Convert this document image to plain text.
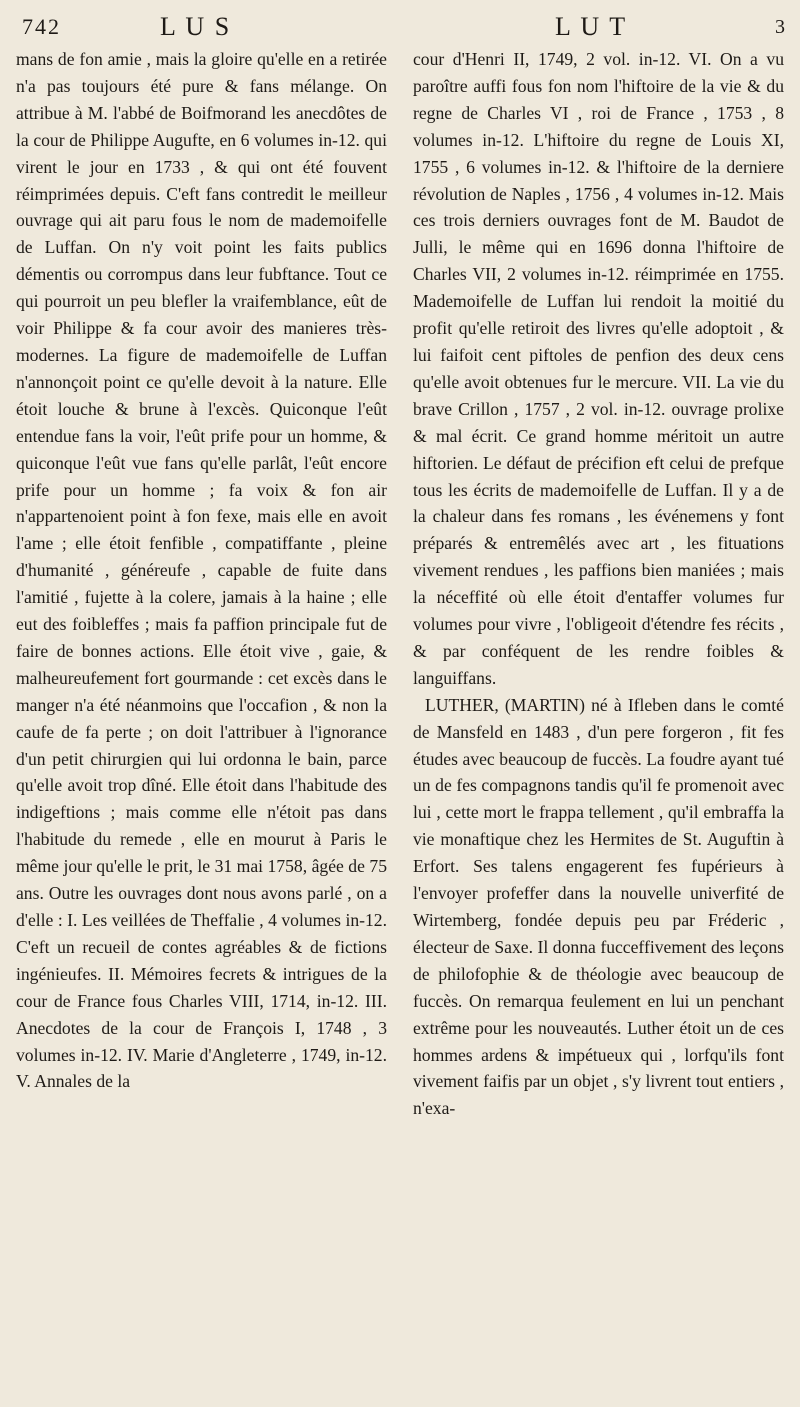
742	L U S	L U T	3

mans de fon amie , mais la gloire qu'elle en a retirée n'a pas toujours été pure & fans mélange. On attribue à M. l'abbé de Boifmorand les anecdôtes de la cour de Philippe Augufte, en 6 volumes in-12. qui virent le jour en 1733 , & qui ont été fouvent réimprimées depuis. C'eft fans contredit le meilleur ouvrage qui ait paru fous le nom de mademoifelle de Luffan. On n'y voit point les faits publics démentis ou corrompus dans leur fubftance. Tout ce qui pourroit un peu blefler la vraifemblance, eût de voir Philippe & fa cour avoir des manieres très-modernes. La figure de mademoifelle de Luffan n'annonçoit point ce qu'elle devoit à la nature. Elle étoit louche & brune à l'excès. Quiconque l'eût entendue fans la voir, l'eût prife pour un homme, & quiconque l'eût vue fans qu'elle parlât, l'eût encore prife pour un homme ; fa voix & fon air n'appartenoient point à fon fexe, mais elle en avoit l'ame ; elle étoit fenfible , compatiffante , pleine d'humanité , généreufe , capable de fuite dans l'amitié , fujette à la colere, jamais à la haine ; elle eut des foibleffes ; mais fa paffion principale fut de faire de bonnes actions. Elle étoit vive , gaie, & malheureufement fort gourmande : cet excès dans le manger n'a été néanmoins que l'occafion , & non la caufe de fa perte ; on doit l'attribuer à l'ignorance d'un petit chirurgien qui lui ordonna le bain, parce qu'elle avoit trop dîné. Elle étoit dans l'habitude des indigeftions ; mais comme elle n'étoit pas dans l'habitude du remede , elle en mourut à Paris le même jour qu'elle le prit, le 31 mai 1758, âgée de 75 ans. Outre les ouvrages dont nous avons parlé , on a d'elle : I. Les veillées de Theffalie , 4 volumes in-12. C'eft un recueil de contes agréables & de fictions ingénieufes. II. Mémoires fecrets & intrigues de la cour de France fous Charles VIII, 1714, in-12. III. Anecdotes de la cour de François I, 1748 , 3 volumes in-12. IV. Marie d'Angleterre , 1749, in-12. V. Annales de la

cour d'Henri II, 1749, 2 vol. in-12. VI. On a vu paroître auffi fous fon nom l'hiftoire de la vie & du regne de Charles VI , roi de France , 1753 , 8 volumes in-12. L'hiftoire du regne de Louis XI, 1755 , 6 volumes in-12. & l'hiftoire de la derniere révolution de Naples , 1756 , 4 volumes in-12. Mais ces trois derniers ouvrages font de M. Baudot de Julli, le même qui en 1696 donna l'hiftoire de Charles VII, 2 volumes in-12. réimprimée en 1755. Mademoifelle de Luffan lui rendoit la moitié du profit qu'elle retiroit des livres qu'elle adoptoit , & lui faifoit cent piftoles de penfion des deux cens qu'elle avoit obtenues fur le mercure. VII. La vie du brave Crillon , 1757 , 2 vol. in-12. ouvrage prolixe & mal écrit. Ce grand homme méritoit un autre hiftorien. Le défaut de précifion eft celui de prefque tous les écrits de mademoifelle de Luffan. Il y a de la chaleur dans fes romans , les événemens y font préparés & entremêlés avec art , les fituations vivement rendues , les paffions bien maniées ; mais la néceffité où elle étoit d'entaffer volumes fur volumes pour vivre , l'obligeoit d'étendre fes récits , & par conféquent de les rendre foibles & languiffans.

LUTHER, (MARTIN) né à Ifleben dans le comté de Mansfeld en 1483 , d'un pere forgeron , fit fes études avec beaucoup de fuccès. La foudre ayant tué un de fes compagnons tandis qu'il fe promenoit avec lui , cette mort le frappa tellement , qu'il embraffa la vie monaftique chez les Hermites de St. Auguftin à Erfort. Ses talens engagerent fes fupérieurs à l'envoyer profeffer dans la nouvelle univerfité de Wirtemberg, fondée depuis peu par Fréderic , électeur de Saxe. Il donna fucceffivement des leçons de philofophie & de théologie avec beaucoup de fuccès. On remarqua feulement en lui un penchant extrême pour les nouveautés. Luther étoit un de ces hommes ardens & impétueux qui , lorfqu'ils font vivement faifis par un objet , s'y livrent tout entiers , n'exa-
